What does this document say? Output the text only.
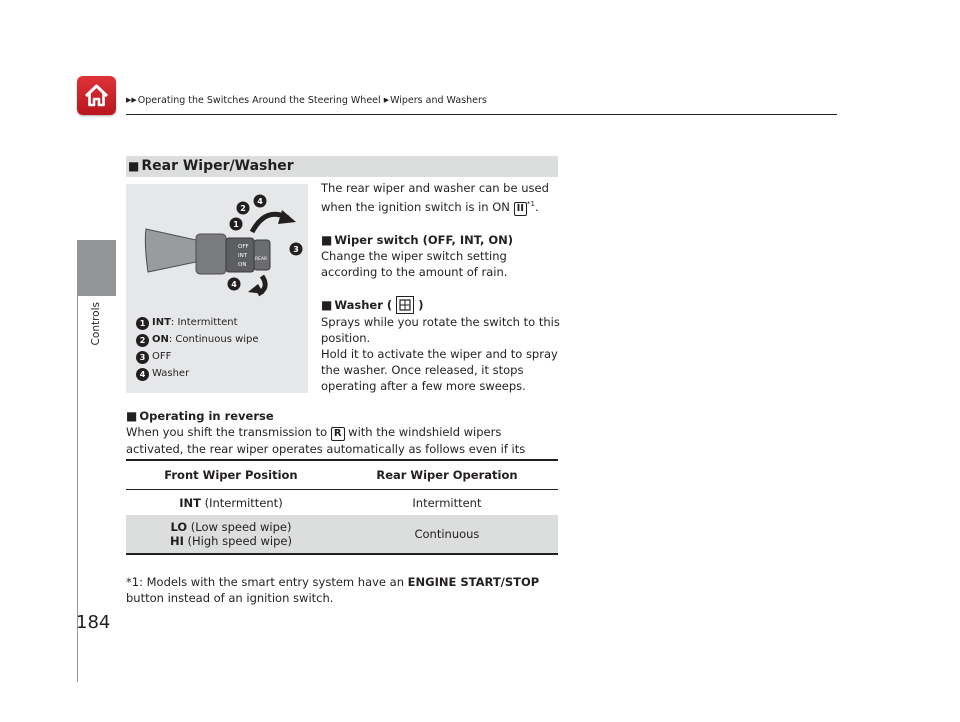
▶▶Operating the Switches Around the Steering Wheel ▶Wipers and Washers
Controls
■ Rear Wiper/Washer
OFF
INT
ON
REAR
1
2
3
4
4
1 INT: Intermittent
2 ON: Continuous wipe
3 OFF
4 Washer

The rear wiper and washer can be used when the ignition switch is in ON II $^{*1}$.

■ Wiper switch (OFF, INT, ON)

Change the wiper switch setting according to the amount of rain.

■ Washer ( )

Sprays while you rotate the switch to this position.

Hold it to activate the wiper and to spray the washer. Once released, it stops operating after a few more sweeps.

■ Operating in reverse
When you shift the transmission to R with the windshield wipers activated, the rear wiper operates automatically as follows even if its
Front Wiper Position	Rear Wiper Operation
INT (Intermittent)	Intermittent
LO (Low speed wipe)
HI (High speed wipe)	Continuous
*1: Models with the smart entry system have an ENGINE START/STOP button instead of an ignition switch.
184
